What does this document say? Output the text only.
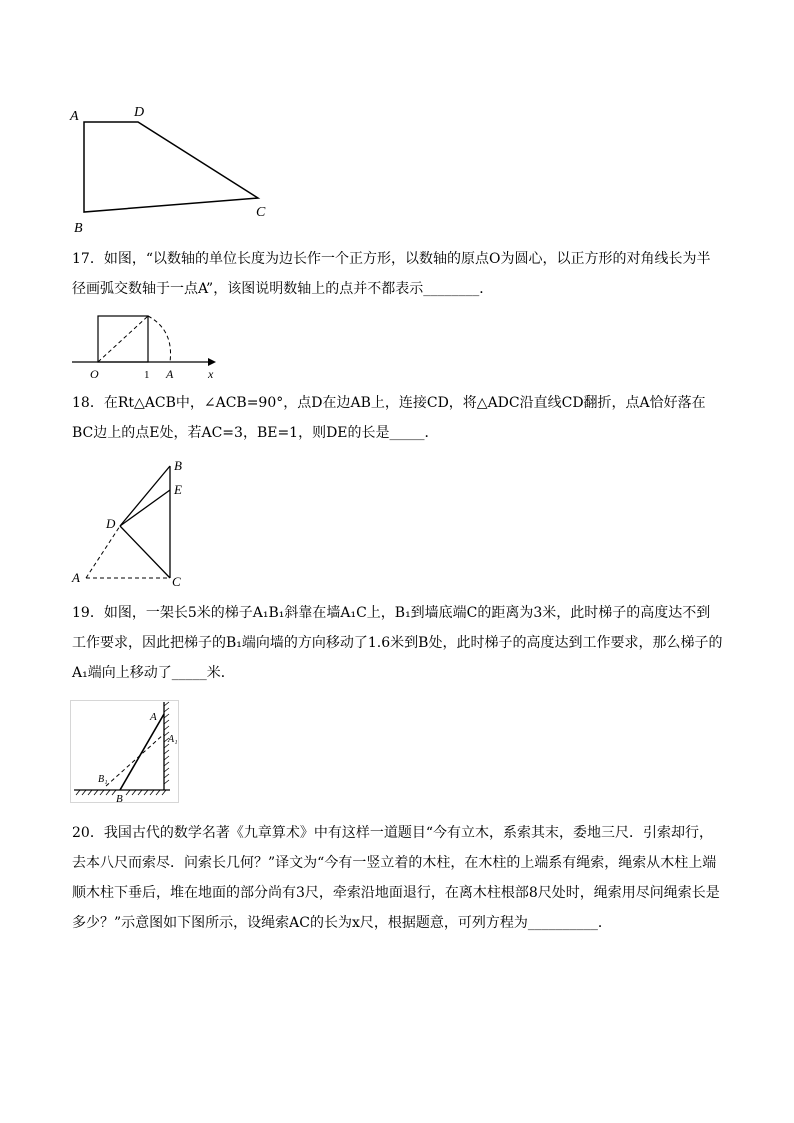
A	D
B
C

17．如图，“以数轴的单位长度为边长作一个正方形，以数轴的原点O为圆心，以正方形的对角线长为半径画弧交数轴于一点A”，该图说明数轴上的点并不都表示________．

O	1 A	x

18．在Rt△ACB中，∠ACB=90°，点D在边AB上，连接CD，将△ADC沿直线CD翻折，点A恰好落在BC边上的点E处，若AC=3，BE=1，则DE的长是_____．

B
E
D
A	C

19．如图，一架长5米的梯子A₁B₁斜靠在墙A₁C上，B₁到墙底端C的距离为3米，此时梯子的高度达不到工作要求，因此把梯子的B₁端向墙的方向移动了1.6米到B处，此时梯子的高度达到工作要求，那么梯子的A₁端向上移动了_____米．

A
A₁
B₁
B

20．我国古代的数学名著《九章算术》中有这样一道题目“今有立木，系索其末，委地三尺．引索却行，去本八尺而索尽．问索长几何？”译文为“今有一竖立着的木柱，在木柱的上端系有绳索，绳索从木柱上端顺木柱下垂后，堆在地面的部分尚有3尺，牵索沿地面退行，在离木柱根部8尺处时，绳索用尽问绳索长是多少？”示意图如下图所示，设绳索AC的长为x尺，根据题意，可列方程为__________．
